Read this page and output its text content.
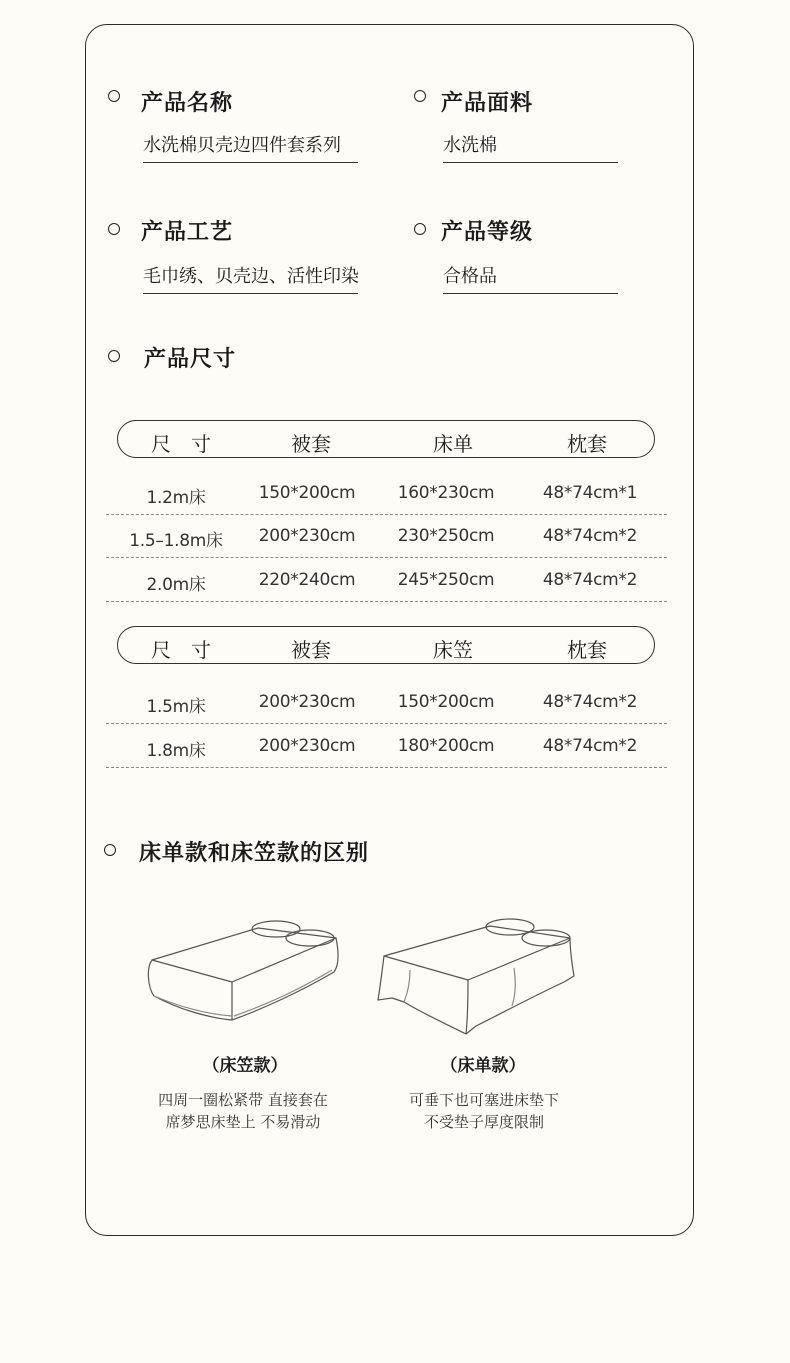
产品名称
水洗棉贝壳边四件套系列
产品面料
水洗棉
产品工艺
毛巾绣、贝壳边、活性印染
产品等级
合格品
产品尺寸
尺　寸	被套	床单	枕套
1.2m床	150*200cm 160*230cm	48*74cm*1
1.5–1.8m床 200*230cm 230*250cm	48*74cm*2
2.0m床	220*240cm 245*250cm	48*74cm*2
尺　寸	被套	床笠	枕套
1.5m床	200*230cm 150*200cm	48*74cm*2
1.8m床	200*230cm 180*200cm	48*74cm*2
床单款和床笠款的区别
（床笠款）
四周一圈松紧带 直接套在
席梦思床垫上 不易滑动
（床单款）
可垂下也可塞进床垫下
不受垫子厚度限制
